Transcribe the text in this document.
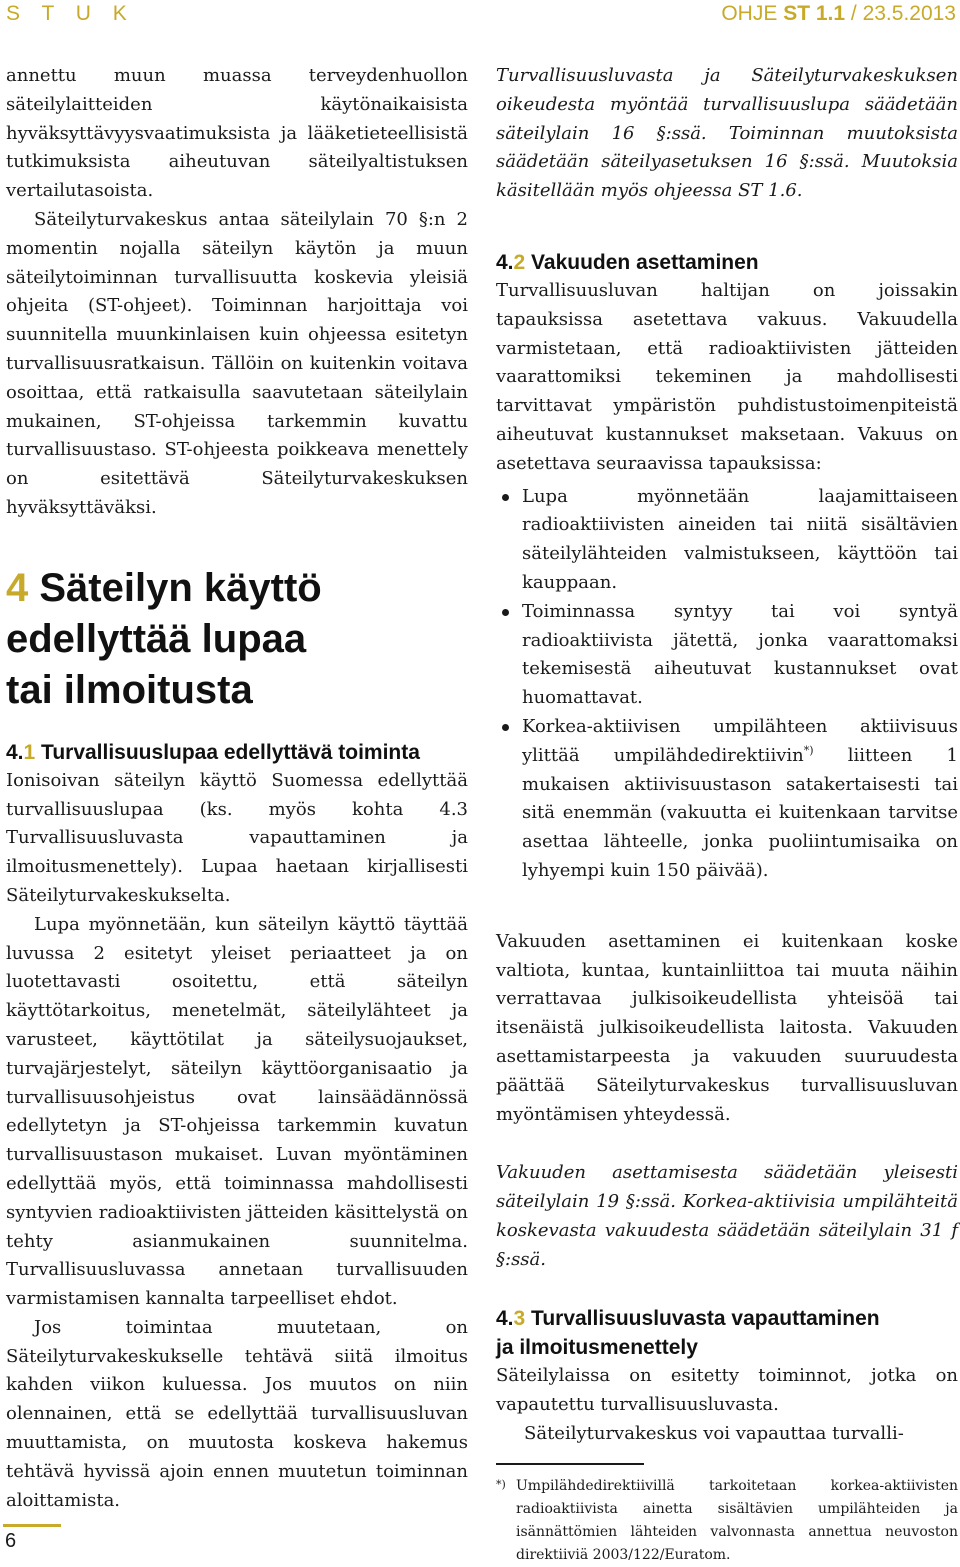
S T U K	OHJE ST 1.1 / 23.5.2013

annettu muun muassa terveydenhuollon säteilylaitteiden käytönaikaisista hyväksyttävyysvaatimuksista ja lääketieteellisistä tutkimuksista aiheutuvan säteilyaltistuksen vertailutasoista.

Säteilyturvakeskus antaa säteilylain 70 §:n 2 momentin nojalla säteilyn käytön ja muun säteilytoiminnan turvallisuutta koskevia yleisiä ohjeita (ST-ohjeet). Toiminnan harjoittaja voi suunnitella muunkinlaisen kuin ohjeessa esitetyn turvallisuusratkaisun. Tällöin on kuitenkin voitava osoittaa, että ratkaisulla saavutetaan säteilylain mukainen, ST-ohjeissa tarkemmin kuvattu turvallisuustaso. ST-ohjeesta poikkeava menettely on esitettävä Säteilyturvakeskuksen hyväksyttäväksi.

4 Säteilyn käyttö
edellyttää lupaa
tai ilmoitusta
4.1 Turvallisuuslupaa edellyttävä toiminta

Ionisoivan säteilyn käyttö Suomessa edellyttää turvallisuuslupaa (ks. myös kohta 4.3 Turvallisuusluvasta vapauttaminen ja ilmoitusmenettely). Lupaa haetaan kirjallisesti Säteilyturvakeskukselta.

Lupa myönnetään, kun säteilyn käyttö täyttää luvussa 2 esitetyt yleiset periaatteet ja on luotettavasti osoitettu, että säteilyn käyttötarkoitus, menetelmät, säteilylähteet ja varusteet, käyttötilat ja säteilysuojaukset, turvajärjestelyt, säteilyn käyttöorganisaatio ja turvallisuusohjeistus ovat lainsäädännössä edellytetyn ja ST-ohjeissa tarkemmin kuvatun turvallisuustason mukaiset. Luvan myöntäminen edellyttää myös, että toiminnassa mahdollisesti syntyvien radioaktiivisten jätteiden käsittelystä on tehty asianmukainen suunnitelma. Turvallisuusluvassa annetaan turvallisuuden varmistamisen kannalta tarpeelliset ehdot.

Jos toimintaa muutetaan, on Säteilyturvakeskukselle tehtävä siitä ilmoitus kahden viikon kuluessa. Jos muutos on niin olennainen, että se edellyttää turvallisuusluvan muuttamista, on muutosta koskeva hakemus tehtävä hyvissä ajoin ennen muutetun toiminnan aloittamista.

Turvallisuusluvasta ja Säteilyturvakeskuksen oikeudesta myöntää turvallisuuslupa säädetään säteilylain 16 §:ssä. Toiminnan muutoksista säädetään säteilyasetuksen 16 §:ssä. Muutoksia käsitellään myös ohjeessa ST 1.6.

4.2 Vakuuden asettaminen

Turvallisuusluvan haltijan on joissakin tapauksissa asetettava vakuus. Vakuudella varmistetaan, että radioaktiivisten jätteiden vaarattomiksi tekeminen ja mahdollisesti tarvittavat ympäristön puhdistustoimenpiteistä aiheutuvat kustannukset maksetaan. Vakuus on asetettava seuraavissa tapauksissa:

Lupa myönnetään laajamittaiseen radioaktiivisten aineiden tai niitä sisältävien säteilylähteiden valmistukseen, käyttöön tai kauppaan.
Toiminnassa syntyy tai voi syntyä radioaktiivista jätettä, jonka vaarattomaksi tekemisestä aiheutuvat kustannukset ovat huomattavat.
Korkea-aktiivisen umpilähteen aktiivisuus ylittää umpilähdedirektiivin*) liitteen 1 mukaisen aktiivisuustason satakertaisesti tai sitä enemmän (vakuutta ei kuitenkaan tarvitse asettaa lähteelle, jonka puoliintumisaika on lyhyempi kuin 150 päivää).

Vakuuden asettaminen ei kuitenkaan koske valtiota, kuntaa, kuntainliittoa tai muuta näihin verrattavaa julkisoikeudellista yhteisöä tai itsenäistä julkisoikeudellista laitosta. Vakuuden asettamistarpeesta ja vakuuden suuruudesta päättää Säteilyturvakeskus turvallisuusluvan myöntämisen yhteydessä.

Vakuuden asettamisesta säädetään yleisesti säteilylain 19 §:ssä. Korkea-aktiivisia umpilähteitä koskevasta vakuudesta säädetään säteilylain 31 f §:ssä.

4.3 Turvallisuusluvasta vapauttaminen
ja ilmoitusmenettely

Säteilylaissa on esitetty toiminnot, jotka on vapautettu turvallisuusluvasta.

Säteilyturvakeskus voi vapauttaa turvalli-

*) Umpilähdedirektiivillä tarkoitetaan korkea-aktiivisten radioaktiivista ainetta sisältävien umpilähteiden ja isännättömien lähteiden valvonnasta annettua neuvoston direktiiviä 2003/122/Euratom.
6
